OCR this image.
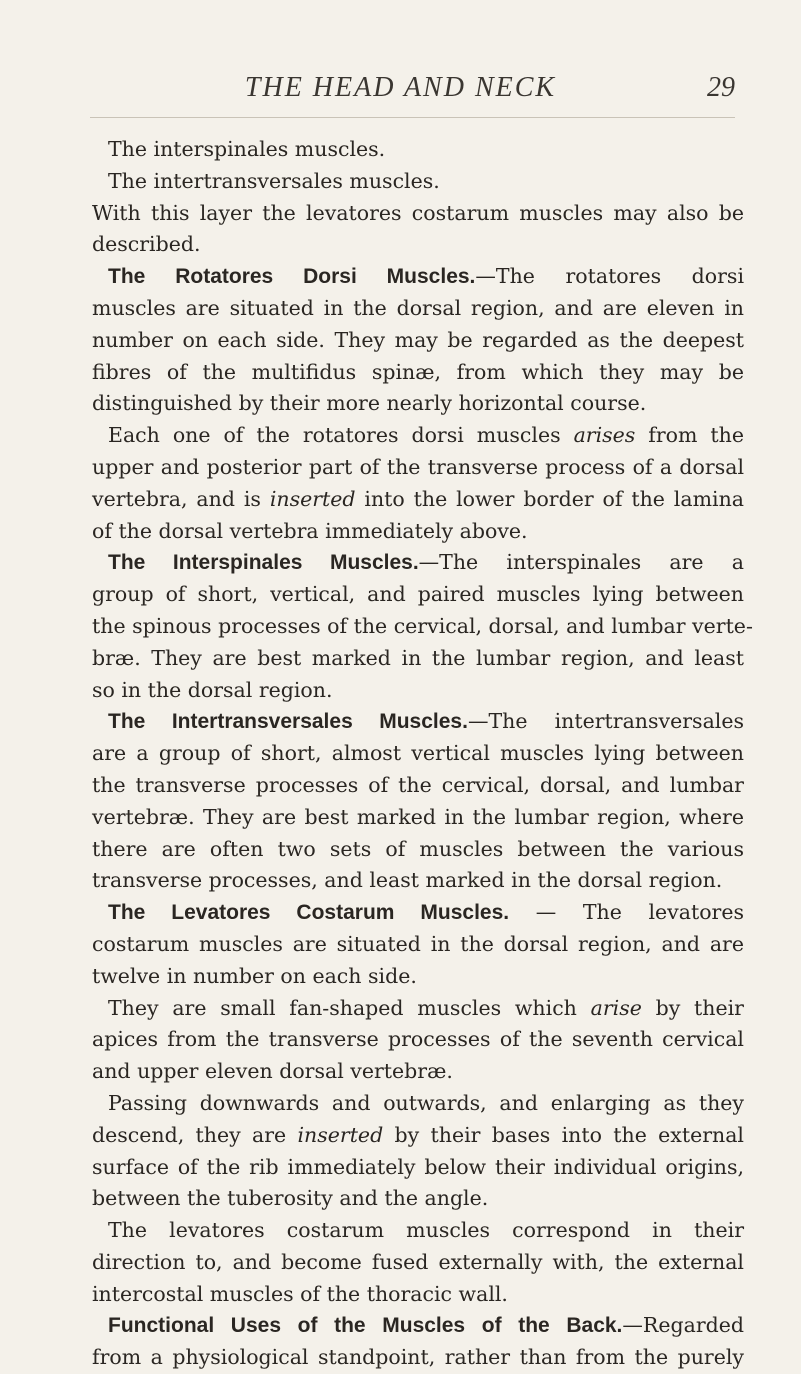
THE HEAD AND NECK	29
The interspinales muscles.
The intertransversales muscles.
With this layer the levatores costarum muscles may also be
described.
The Rotatores Dorsi Muscles.—The rotatores dorsi
muscles are situated in the dorsal region, and are eleven in
number on each side. They may be regarded as the deepest
fibres of the multifidus spinæ, from which they may be
distinguished by their more nearly horizontal course.
Each one of the rotatores dorsi muscles arises from the
upper and posterior part of the transverse process of a dorsal
vertebra, and is inserted into the lower border of the lamina
of the dorsal vertebra immediately above.
The Interspinales Muscles.—The interspinales are a
group of short, vertical, and paired muscles lying between
the spinous processes of the cervical, dorsal, and lumbar verte-
bræ. They are best marked in the lumbar region, and least
so in the dorsal region.
The Intertransversales Muscles.—The intertransversales
are a group of short, almost vertical muscles lying between
the transverse processes of the cervical, dorsal, and lumbar
vertebræ. They are best marked in the lumbar region, where
there are often two sets of muscles between the various
transverse processes, and least marked in the dorsal region.
The Levatores Costarum Muscles. — The levatores
costarum muscles are situated in the dorsal region, and are
twelve in number on each side.
They are small fan-shaped muscles which arise by their
apices from the transverse processes of the seventh cervical
and upper eleven dorsal vertebræ.
Passing downwards and outwards, and enlarging as they
descend, they are inserted by their bases into the external
surface of the rib immediately below their individual origins,
between the tuberosity and the angle.
The levatores costarum muscles correspond in their
direction to, and become fused externally with, the external
intercostal muscles of the thoracic wall.
Functional Uses of the Muscles of the Back.—Regarded
from a physiological standpoint, rather than from the purely
